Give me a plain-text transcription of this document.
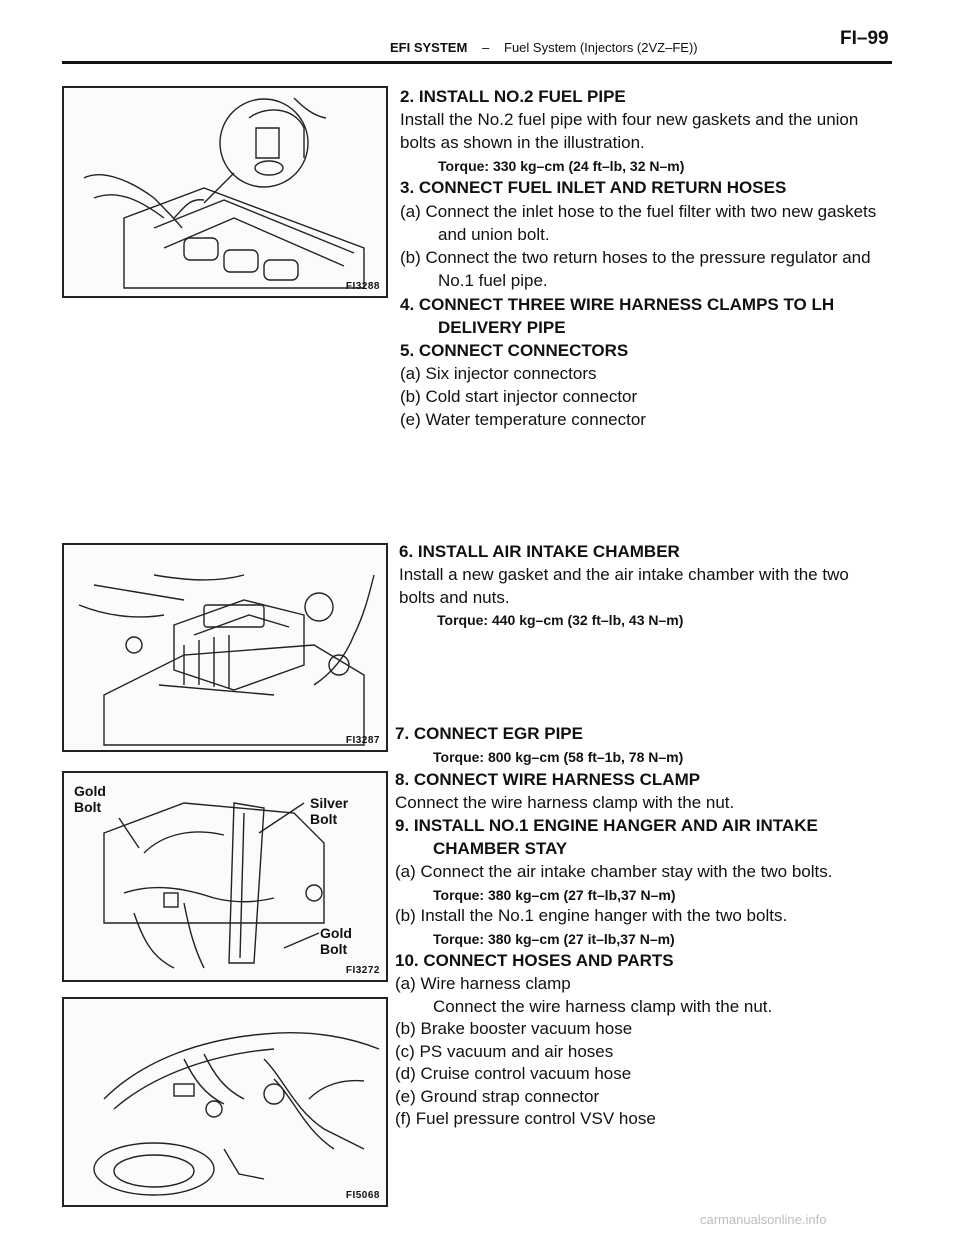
EFI SYSTEM – Fuel System (Injectors (2VZ–FE))	FI–99
FI3288
FI3287
Gold Bolt	Silver Bolt
Gold Bolt
FI3272
FI5068
2. INSTALL NO.2 FUEL PIPE
Install the No.2 fuel pipe with four new gaskets and the union
bolts as shown in the illustration.
Torque: 330 kg–cm (24 ft–lb, 32 N–m)
3. CONNECT FUEL INLET AND RETURN HOSES
(a) Connect the inlet hose to the fuel filter with two new gaskets
and union bolt.
(b) Connect the two return hoses to the pressure regulator and
No.1 fuel pipe.
4. CONNECT THREE WIRE HARNESS CLAMPS TO LH
DELIVERY PIPE
5. CONNECT CONNECTORS
(a) Six injector connectors
(b) Cold start injector connector
(e) Water temperature connector
6. INSTALL AIR INTAKE CHAMBER
Install a new gasket and the air intake chamber with the two
bolts and nuts.
Torque: 440 kg–cm (32 ft–lb, 43 N–m)
7. CONNECT EGR PIPE
Torque: 800 kg–cm (58 ft–1b, 78 N–m)
8. CONNECT WIRE HARNESS CLAMP
Connect the wire harness clamp with the nut.
9. INSTALL NO.1 ENGINE HANGER AND AIR INTAKE
CHAMBER STAY
(a) Connect the air intake chamber stay with the two bolts.
Torque: 380 kg–cm (27 ft–lb,37 N–m)
(b) Install the No.1 engine hanger with the two bolts.
Torque: 380 kg–cm (27 it–lb,37 N–m)
10. CONNECT HOSES AND PARTS
(a) Wire harness clamp
Connect the wire harness clamp with the nut.
(b) Brake booster vacuum hose
(c) PS vacuum and air hoses
(d) Cruise control vacuum hose
(e) Ground strap connector
(f) Fuel pressure control VSV hose
carmanualsonline.info
